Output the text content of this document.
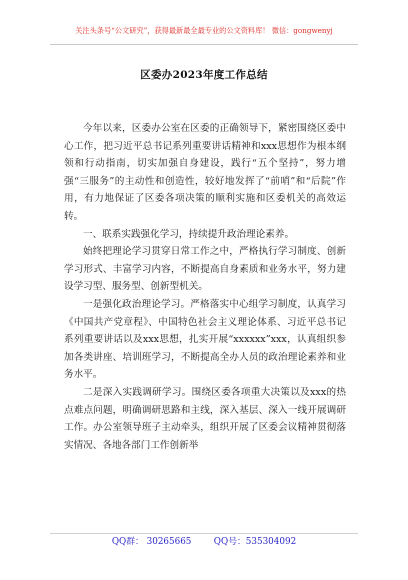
关注头条号“公文研究”，获得最新最全最专业的公文资料库！ 微信：gongwenyj
区委办2023年度工作总结

今年以来，区委办公室在区委的正确领导下，紧密围绕区委中心工作，把习近平总书记系列重要讲话精神和xxx思想作为根本纲领和行动指南，切实加强自身建设，践行“五个坚持”，努力增强“三服务”的主动性和创造性，较好地发挥了“前哨”和“后院”作用，有力地保证了区委各项决策的顺利实施和区委机关的高效运转。

一、联系实践强化学习，持续提升政治理论素养。

始终把理论学习贯穿日常工作之中，严格执行学习制度、创新学习形式、丰富学习内容，不断提高自身素质和业务水平，努力建设学习型、服务型、创新型机关。

一是强化政治理论学习。严格落实中心组学习制度，认真学习《中国共产党章程》、中国特色社会主义理论体系、习近平总书记系列重要讲话以及xxx思想，扎实开展“xxxxxx”xxx，认真组织参加各类讲座、培训班学习，不断提高全办人员的政治理论素养和业务水平。

二是深入实践调研学习。围绕区委各项重大决策以及xxx的热点难点问题，明确调研思路和主线，深入基层、深入一线开展调研工作。办公室领导班子主动牵头，组织开展了区委会议精神贯彻落实情况、各地各部门工作创新举

QQ群： 30265665        QQ号：535304092
